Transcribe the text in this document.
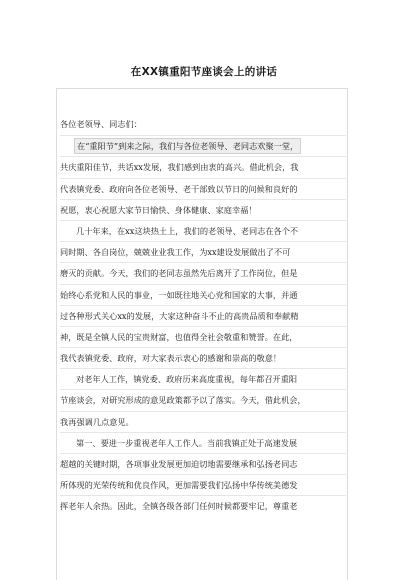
在XX镇重阳节座谈会上的讲话
各位老领导、同志们：
在“重阳节”到来之际，我们与各位老领导、老同志欢聚一堂，
共庆重阳佳节，共话xx发展，我们感到由衷的高兴。借此机会，我
代表镇党委、政府向各位老领导、老干部致以节日的问候和良好的
祝愿，衷心祝愿大家节日愉快、身体健康、家庭幸福！
几十年来，在xx这块热土上，我们的老领导、老同志在各个不
同时期、各自岗位，兢兢业业我工作，为xx建设发展做出了不可
磨灭的贡献。今天，我们的老同志虽然先后离开了工作岗位，但是
始终心系党和人民的事业，一如既往地关心党和国家的大事，并通
过各种形式关心xx的发展，大家这种奋斗不止的高贵品质和奉献精
神，既是全镇人民的宝贵财富，也值得全社会敬重和赞誉。在此，
我代表镇党委、政府，对大家表示衷心的感谢和崇高的敬意！
对老年人工作，镇党委、政府历来高度重视，每年都召开重阳
节座谈会，对研究形成的意见政策都予以了落实。今天，借此机会，
我再强调几点意见。
第一、要进一步重视老年人工作人。当前我镇正处于高速发展
超越的关键时期，各项事业发展更加迫切地需要继承和弘扬老同志
所体现的光荣传统和优良作风，更加需要我们弘扬中华传统美德发
挥老年人余热。因此，全镇各级各部门任何时候都要牢记，尊重老
